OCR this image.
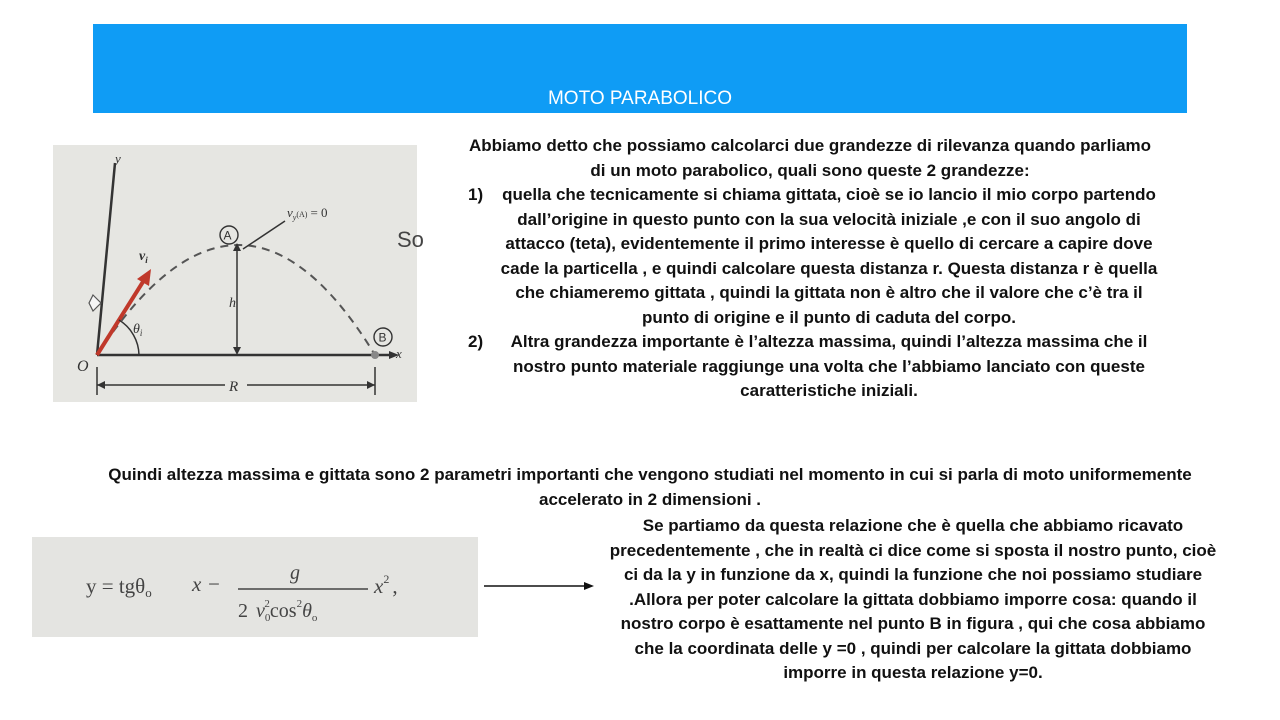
MOTO PARABOLICO
y
x
O
$v_i$
$\theta_i$
A
$v_y^(A) = 0$
So
h
B
R

Abbiamo detto che possiamo calcolarci due grandezze di rilevanza quando parliamo di un moto parabolico, quali sono queste 2 grandezze:

1) quella che tecnicamente si chiama gittata, cioè se io lancio il mio corpo partendo dall’origine in questo punto con la sua velocità iniziale ,e con il suo angolo di attacco (teta), evidentemente il primo interesse è quello di cercare a capire dove cade la particella , e quindi calcolare questa distanza r. Questa distanza r è quella che chiameremo gittata , quindi la gittata non è altro che il valore che c’è tra il punto di origine e il punto di caduta del corpo.
2) Altra grandezza importante è l’altezza massima, quindi l’altezza massima che il nostro punto materiale raggiunge una volta che l’abbiamo lanciato con queste caratteristiche iniziali.
Quindi altezza massima e gittata sono 2 parametri importanti che vengono studiati nel momento in cui si parla di moto uniformemente accelerato in 2 dimensioni .
y = tgθo x −	g
2 $v_02\cos^2\theta_o$
$x^2$ ,
Se partiamo da questa relazione che è quella che abbiamo ricavato precedentemente , che in realtà ci dice come si sposta il nostro punto, cioè ci da la y in funzione da x, quindi la funzione che noi possiamo studiare .Allora per poter calcolare la gittata dobbiamo imporre cosa: quando il nostro corpo è esattamente nel punto B in figura , qui che cosa abbiamo che la coordinata delle y =0 , quindi per calcolare la gittata dobbiamo imporre in questa relazione y=0.
